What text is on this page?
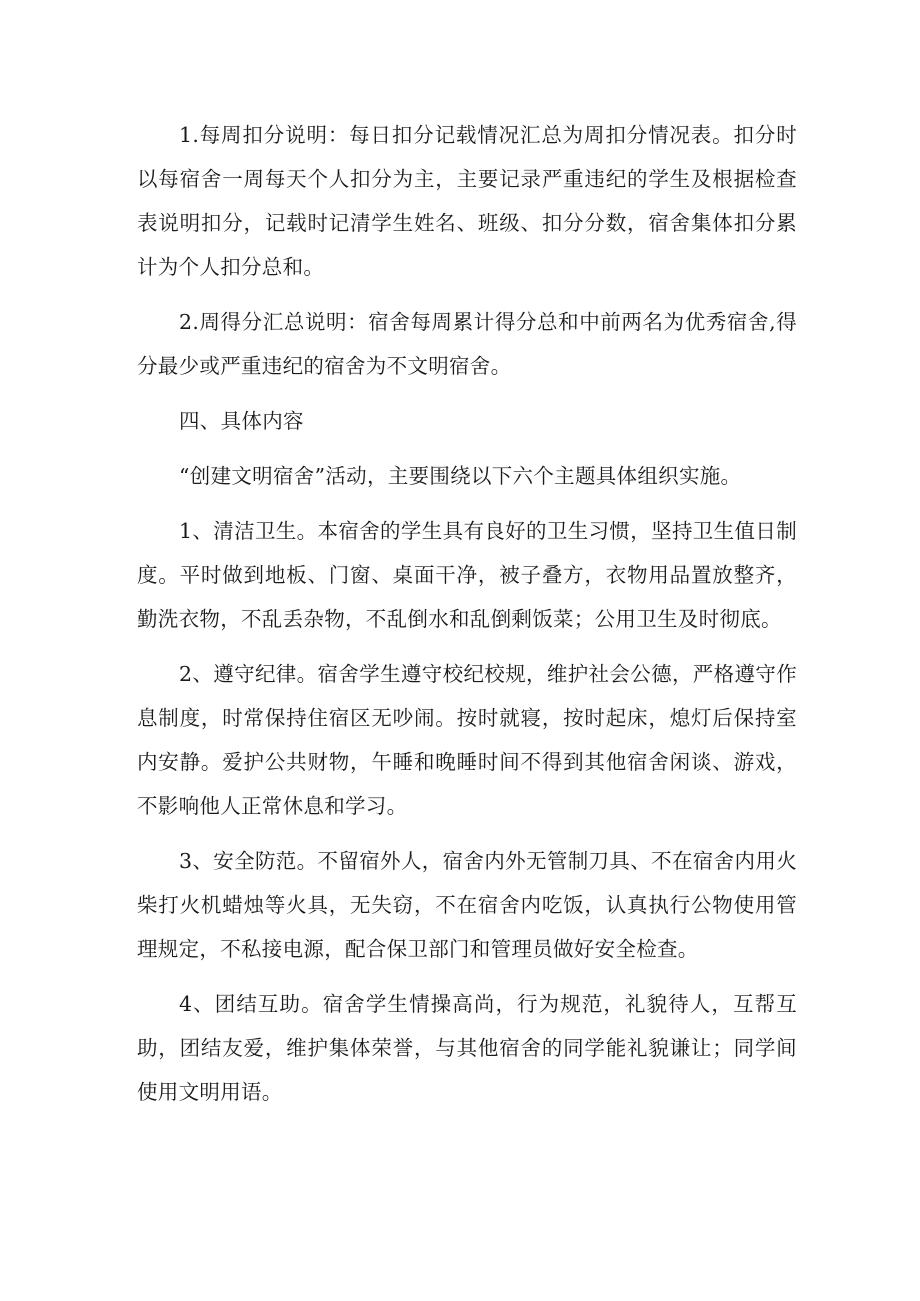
1.每周扣分说明：每日扣分记载情况汇总为周扣分情况表。扣分时以每宿舍一周每天个人扣分为主，主要记录严重违纪的学生及根据检查表说明扣分，记载时记清学生姓名、班级、扣分分数，宿舍集体扣分累计为个人扣分总和。

2.周得分汇总说明：宿舍每周累计得分总和中前两名为优秀宿舍,得分最少或严重违纪的宿舍为不文明宿舍。

四、具体内容

“创建文明宿舍”活动，主要围绕以下六个主题具体组织实施。

1、清洁卫生。本宿舍的学生具有良好的卫生习惯，坚持卫生值日制度。平时做到地板、门窗、桌面干净，被子叠方，衣物用品置放整齐，勤洗衣物，不乱丢杂物，不乱倒水和乱倒剩饭菜；公用卫生及时彻底。

2、遵守纪律。宿舍学生遵守校纪校规，维护社会公德，严格遵守作息制度，时常保持住宿区无吵闹。按时就寝，按时起床，熄灯后保持室内安静。爱护公共财物，午睡和晚睡时间不得到其他宿舍闲谈、游戏，不影响他人正常休息和学习。

3、安全防范。不留宿外人，宿舍内外无管制刀具、不在宿舍内用火柴打火机蜡烛等火具，无失窃，不在宿舍内吃饭，认真执行公物使用管理规定，不私接电源，配合保卫部门和管理员做好安全检查。

4、团结互助。宿舍学生情操高尚，行为规范，礼貌待人，互帮互助，团结友爱，维护集体荣誉，与其他宿舍的同学能礼貌谦让；同学间使用文明用语。
